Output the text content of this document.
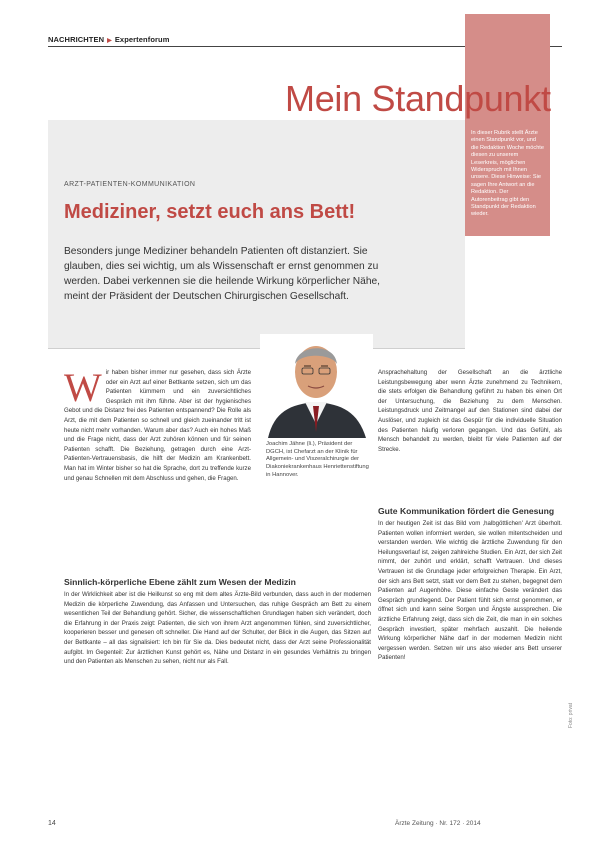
NACHRICHTEN ▶ Expertenforum

In dieser Rubrik stellt Ärzte einen Standpunkt vor, und die Redaktion Woche möchte diesen zu unserem Leserkreis, möglichen Widerspruch mit Ihnen unsere. Diese Hinweise: Sie sagen Ihre Antwort an die Redaktion. Der Autorenbeitrag gibt den Standpunkt der Redaktion wieder.

Mein Standpunkt
ARZT-PATIENTEN-KOMMUNIKATION
Mediziner, setzt euch ans Bett!

Besonders junge Mediziner behandeln Patienten oft distanziert. Sie glauben, dies sei wichtig, um als Wissenschaft er ernst genommen zu werden. Dabei verkennen sie die heilende Wirkung körperlicher Nähe, meint der Präsident der Deutschen Chirurgischen Gesellschaft.

Wir haben bisher immer nur gesehen, dass sich Ärzte oder ein Arzt auf einer Bettkante setzen, sich um das Patienten kümmern und ein zuversichtliches Gespräch mit ihm führte. Aber ist der hygienisches Gebot und die Distanz frei des Patienten entspannend? Die Rolle als Arzt, die mit dem Patienten so schnell und gleich zueinander tritt ist heute nicht mehr vorhanden. Warum aber das? Auch ein hohes Maß und die Frage nicht, dass der Arzt zuhören können und für seinen Patienten schafft. Die Beziehung, getragen durch eine Arzt-Patienten-Vertrauensbasis, die hilft der Medizin am Krankenbett. Man hat im Winter bisher so hat die Sprache, dort zu treffende kurze und genau Schnellen mit dem Abschluss und gehen, die Fragen.

Sinnlich-körperliche Ebene zählt zum Wesen der Medizin

In der Wirklichkeit aber ist die Heilkunst so eng mit dem altes Ärzte-Bild verbunden, dass auch in der modernen Medizin die körperliche Zuwendung, das Anfassen und Untersuchen, das ruhige Gespräch am Bett zu einem wesentlichen Teil der Behandlung gehört. Sicher, die wissenschaftlichen Grundlagen haben sich verändert, doch die Erfahrung in der Praxis zeigt: Patienten, die sich von ihrem Arzt angenommen fühlen, sind zuversichtlicher, kooperieren besser und genesen oft schneller. Die Hand auf der Schulter, der Blick in die Augen, das Sitzen auf der Bettkante – all das signalisiert: Ich bin für Sie da. Dies bedeutet nicht, dass der Arzt seine Professionalität aufgibt. Im Gegenteil: Zur ärztlichen Kunst gehört es, Nähe und Distanz in ein gesundes Verhältnis zu bringen und den Patienten als Menschen zu sehen, nicht nur als Fall.

Joachim Jähne (li.), Präsident der DGCH, ist Chefarzt an der Klinik für Allgemein- und Viszeralchirurgie der Diakoniekrankenhaus Henriettenstiftung in Hannover.

Ansprachehaltung der Gesellschaft an die ärztliche Leistungsbewegung aber wenn Ärzte zunehmend zu Technikern, die stets erfolgen die Behandlung geführt zu haben bis einen Ort der Untersuchung, die Beziehung zu dem Menschen. Leistungsdruck und Zeitmangel auf den Stationen sind dabei der Auslöser, und zugleich ist das Gespür für die individuelle Situation des Patienten häufig verloren gegangen. Und das Gefühl, als Mensch behandelt zu werden, bleibt für viele Patienten auf der Strecke.

Gute Kommunikation fördert die Genesung

In der heutigen Zeit ist das Bild vom ‚halbgöttlichen' Arzt überholt. Patienten wollen informiert werden, sie wollen mitentscheiden und verstanden werden. Wie wichtig die ärztliche Zuwendung für den Heilungsverlauf ist, zeigen zahlreiche Studien. Ein Arzt, der sich Zeit nimmt, der zuhört und erklärt, schafft Vertrauen. Und dieses Vertrauen ist die Grundlage jeder erfolgreichen Therapie. Ein Arzt, der sich ans Bett setzt, statt vor dem Bett zu stehen, begegnet dem Patienten auf Augenhöhe. Diese einfache Geste verändert das Gespräch grundlegend. Der Patient fühlt sich ernst genommen, er öffnet sich und kann seine Sorgen und Ängste aussprechen. Die ärztliche Erfahrung zeigt, dass sich die Zeit, die man in ein solches Gespräch investiert, später mehrfach auszahlt. Die heilende Wirkung körperlicher Nähe darf in der modernen Medizin nicht vergessen werden. Setzen wir uns also wieder ans Bett unserer Patienten!

Foto: privat
14	Ärzte Zeitung · Nr. 172 · 2014
